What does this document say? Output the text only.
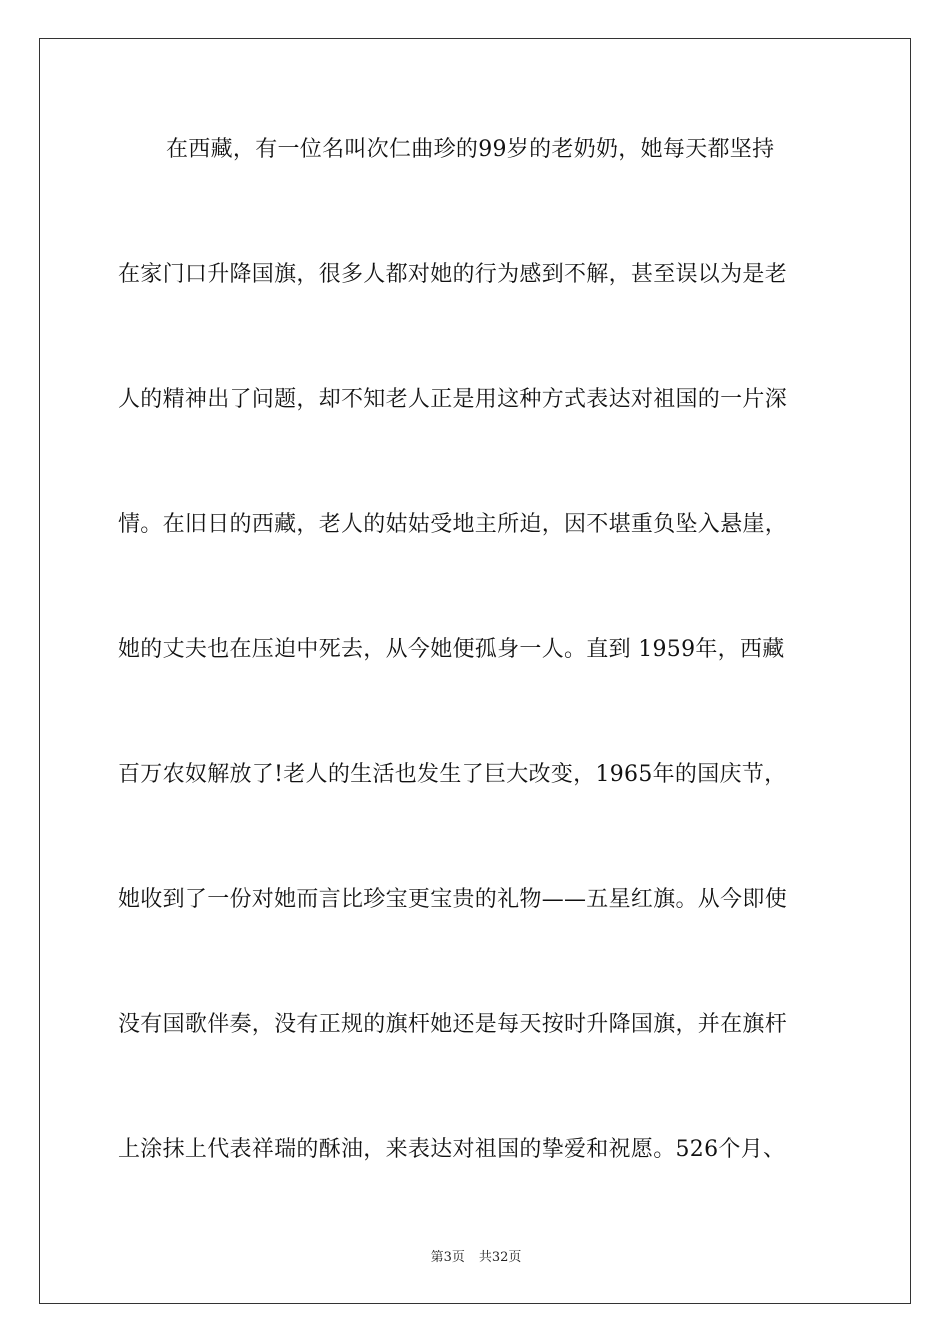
在西藏，有一位名叫次仁曲珍的99岁的老奶奶，她每天都坚持
在家门口升降国旗，很多人都对她的行为感到不解，甚至误以为是老
人的精神出了问题，却不知老人正是用这种方式表达对祖国的一片深
情。在旧日的西藏，老人的姑姑受地主所迫，因不堪重负坠入悬崖，
她的丈夫也在压迫中死去，从今她便孤身一人。直到 1959年，西藏
百万农奴解放了!老人的生活也发生了巨大改变，1965年的国庆节，
她收到了一份对她而言比珍宝更宝贵的礼物——五星红旗。从今即使
没有国歌伴奏，没有正规的旗杆她还是每天按时升降国旗，并在旗杆
上涂抹上代表祥瑞的酥油，来表达对祖国的挚爱和祝愿。526个月、
第3页 共32页
